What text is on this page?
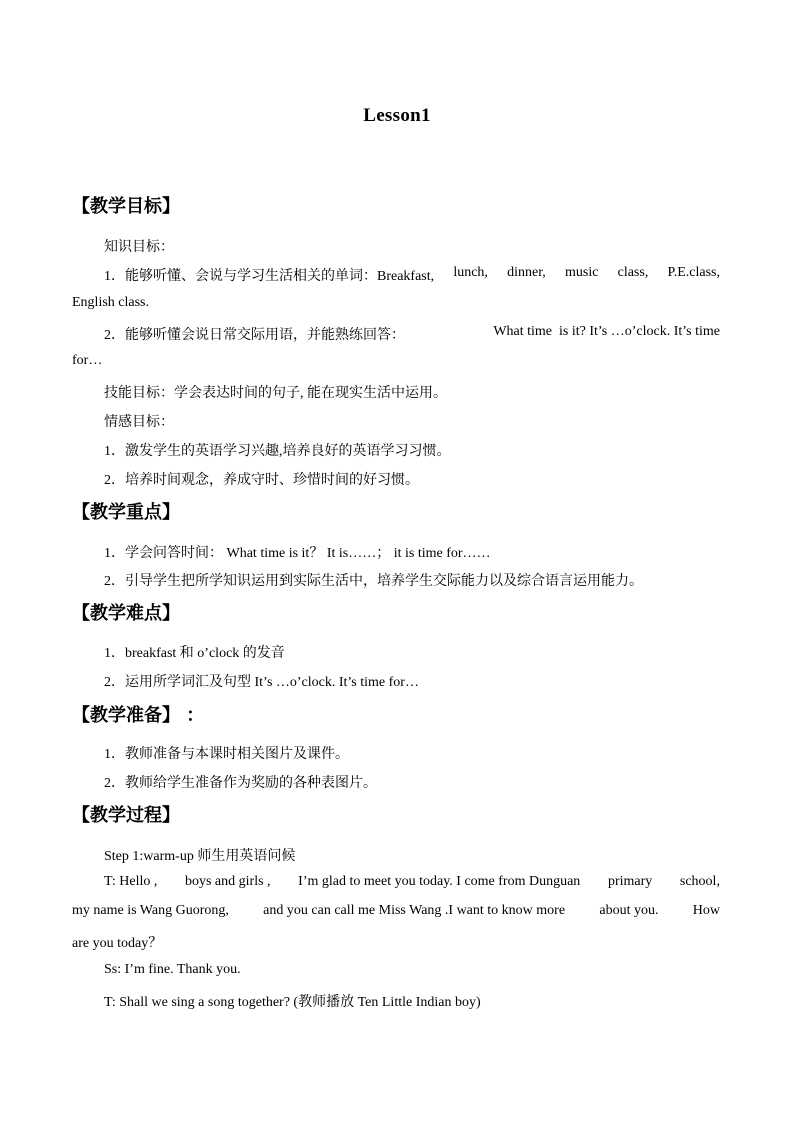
Lesson1
【教学目标】
知识目标：
1．能够听懂、会说与学习生活相关的单词：Breakfast, lunch, dinner, music class, P.E.class,
English class.
2．能够听懂会说日常交际用语，并能熟练回答：	What time  is it? It’s …o’clock. It’s time
for…
技能目标：学会表达时间的句子, 能在现实生活中运用。
情感目标：
1．激发学生的英语学习兴趣,培养良好的英语学习习惯。
2．培养时间观念，养成守时、珍惜时间的好习惯。
【教学重点】
1．学会问答时间： What time is it？ It is……； it is time for……
2．引导学生把所学知识运用到实际生活中，培养学生交际能力以及综合语言运用能力。
【教学难点】
1．breakfast 和 o’clock 的发音
2．运用所学词汇及句型 It’s …o’clock. It’s time for…
【教学准备】 ：
1．教师准备与本课时相关图片及课件。
2．教师给学生准备作为奖励的各种表图片。
【教学过程】
Step 1:warm-up 师生用英语问候
T: Hello , boys and girls , I’m glad to meet you today. I come from Dunguan primary school,
my name is Wang Guorong, and you can call me Miss Wang .I want to know more about you. How
are you today？
Ss: I’m fine. Thank you.
T: Shall we sing a song together? (教师播放 Ten Little Indian boy)
